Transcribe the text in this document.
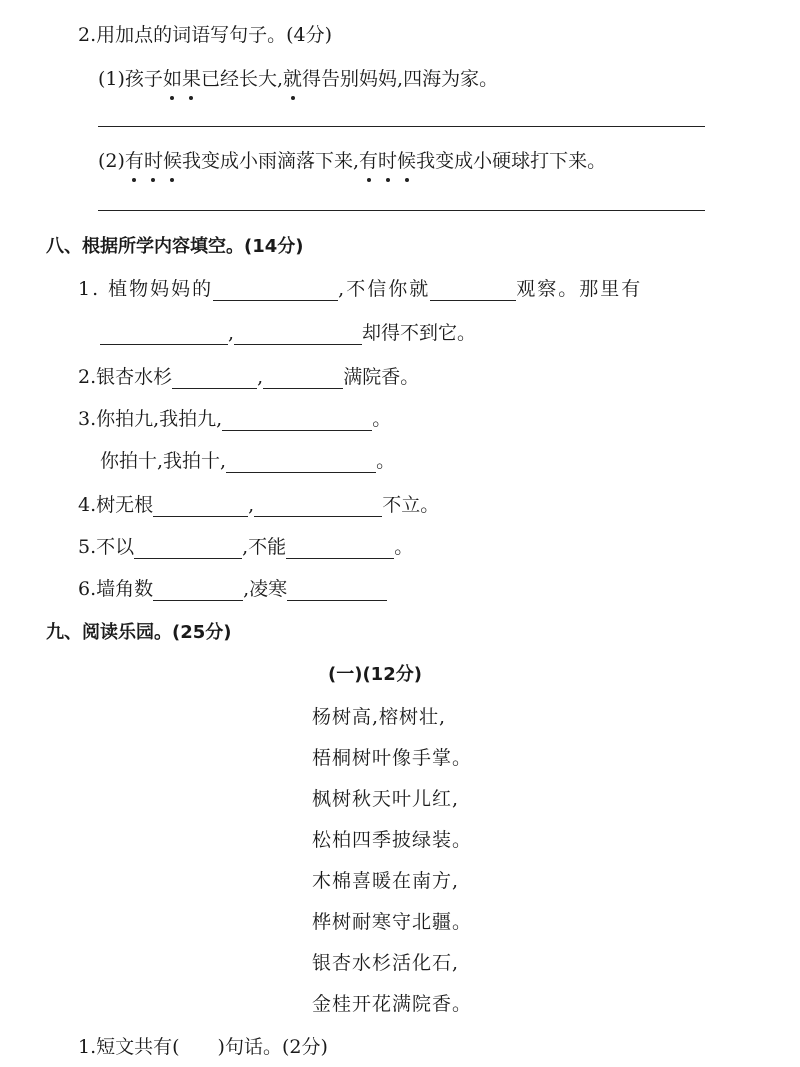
2.用加点的词语写句子。(4分)
(1)孩子如果已经长大,就得告别妈妈,四海为家。
(2)有时候我变成小雨滴落下来,有时候我变成小硬球打下来。
八、根据所学内容填空。(14分)
1. 植物妈妈的	,不信你就	观察。那里有
,	却得不到它。
2.银杏水杉	,	满院香。
3.你拍九,我拍九,	。
你拍十,我拍十,	。
4.树无根	,	不立。
5.不以	,不能	。
6.墙角数	,凌寒
九、阅读乐园。(25分)
(一)(12分)
杨树高,榕树壮,
梧桐树叶像手掌。
枫树秋天叶儿红,
松柏四季披绿装。
木棉喜暖在南方,
桦树耐寒守北疆。
银杏水杉活化石,
金桂开花满院香。
1.短文共有( )句话。(2分)
